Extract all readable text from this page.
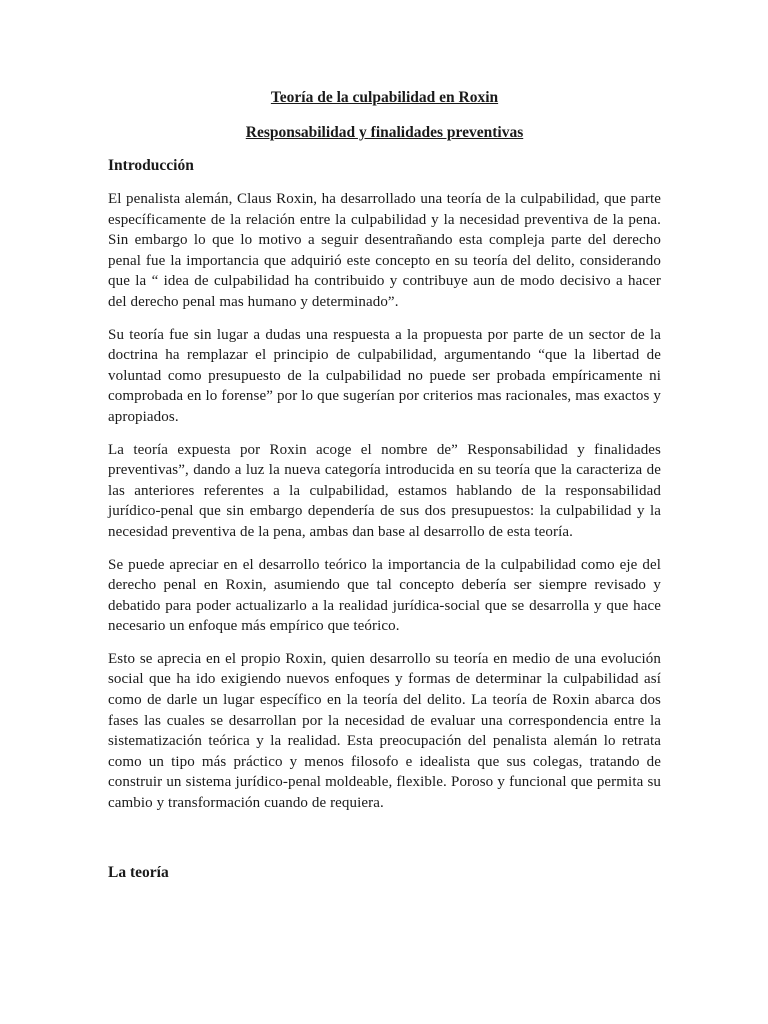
Teoría de la culpabilidad en Roxin

Responsabilidad y finalidades preventivas

Introducción

El penalista alemán, Claus Roxin, ha desarrollado una teoría de la culpabilidad, que parte específicamente de la relación entre la culpabilidad y la necesidad preventiva de la pena. Sin embargo lo que lo motivo a seguir desentrañando esta compleja parte del derecho penal fue la importancia que adquirió este concepto en su teoría del delito, considerando que la “ idea de culpabilidad ha contribuido y contribuye aun de modo decisivo a hacer del derecho penal mas humano y determinado”.

Su teoría fue sin lugar a dudas una respuesta a la propuesta por parte de un sector de la doctrina ha remplazar el principio de culpabilidad, argumentando “que la libertad de voluntad como presupuesto de la culpabilidad no puede ser probada empíricamente ni comprobada en lo forense” por lo que sugerían por criterios mas racionales, mas exactos y apropiados.

La teoría expuesta por Roxin acoge el nombre de” Responsabilidad y finalidades preventivas”, dando a luz la nueva categoría introducida en su teoría que la caracteriza de las anteriores referentes a la culpabilidad, estamos hablando de la responsabilidad jurídico-penal que sin embargo dependería de sus dos presupuestos: la culpabilidad y la necesidad preventiva de la pena, ambas dan base al desarrollo de esta teoría.

Se puede apreciar en el desarrollo teórico la importancia de la culpabilidad como eje del derecho penal en Roxin, asumiendo que tal concepto debería ser siempre revisado y debatido para poder actualizarlo a la realidad jurídica-social que se desarrolla y que hace necesario un enfoque más empírico que teórico.

Esto se aprecia en el propio Roxin, quien desarrollo su teoría en medio de una evolución social que ha ido exigiendo nuevos enfoques y formas de determinar la culpabilidad así como de darle un lugar específico en la teoría del delito. La teoría de Roxin abarca dos fases las cuales se desarrollan por la necesidad de evaluar una correspondencia entre la sistematización teórica y la realidad. Esta preocupación del penalista alemán lo retrata como un tipo más práctico y menos filosofo e idealista que sus colegas, tratando de construir un sistema jurídico-penal moldeable, flexible. Poroso y funcional que permita su cambio y transformación cuando de requiera.

La teoría
